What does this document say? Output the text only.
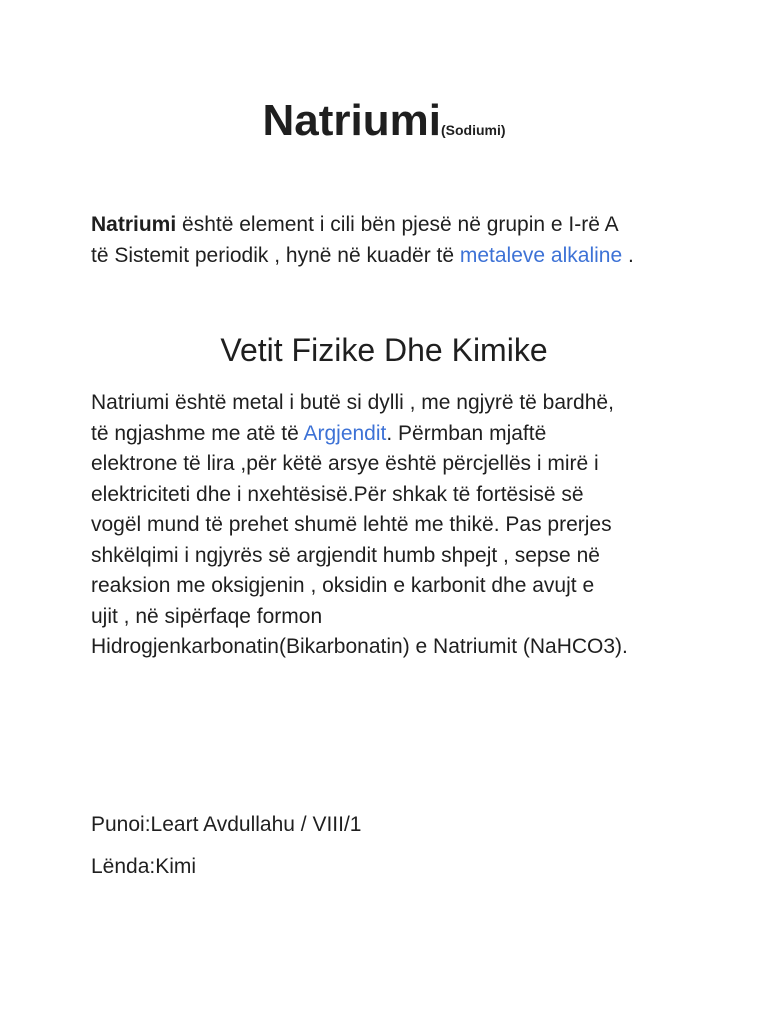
Natriumi(Sodiumi)

Natriumi është element i cili bën pjesë në grupin e I-rë A
të Sistemit periodik , hynë në kuadër të metaleve alkaline .

Vetit Fizike Dhe Kimike

Natriumi është metal i butë si dylli , me ngjyrë të bardhë,
të ngjashme me atë të Argjendit. Përmban mjaftë
elektrone të lira ,për këtë arsye është përcjellës i mirë i
elektriciteti dhe i nxehtësisë.Për shkak të fortësisë së
vogël mund të prehet shumë lehtë me thikë. Pas prerjes
shkëlqimi i ngjyrës së argjendit humb shpejt , sepse në
reaksion me oksigjenin , oksidin e karbonit dhe avujt e
ujit , në sipërfaqe formon
Hidrogjenkarbonatin(Bikarbonatin) e Natriumit (NaHCO3).

Punoi:Leart Avdullahu / VIII/1

Lënda:Kimi
